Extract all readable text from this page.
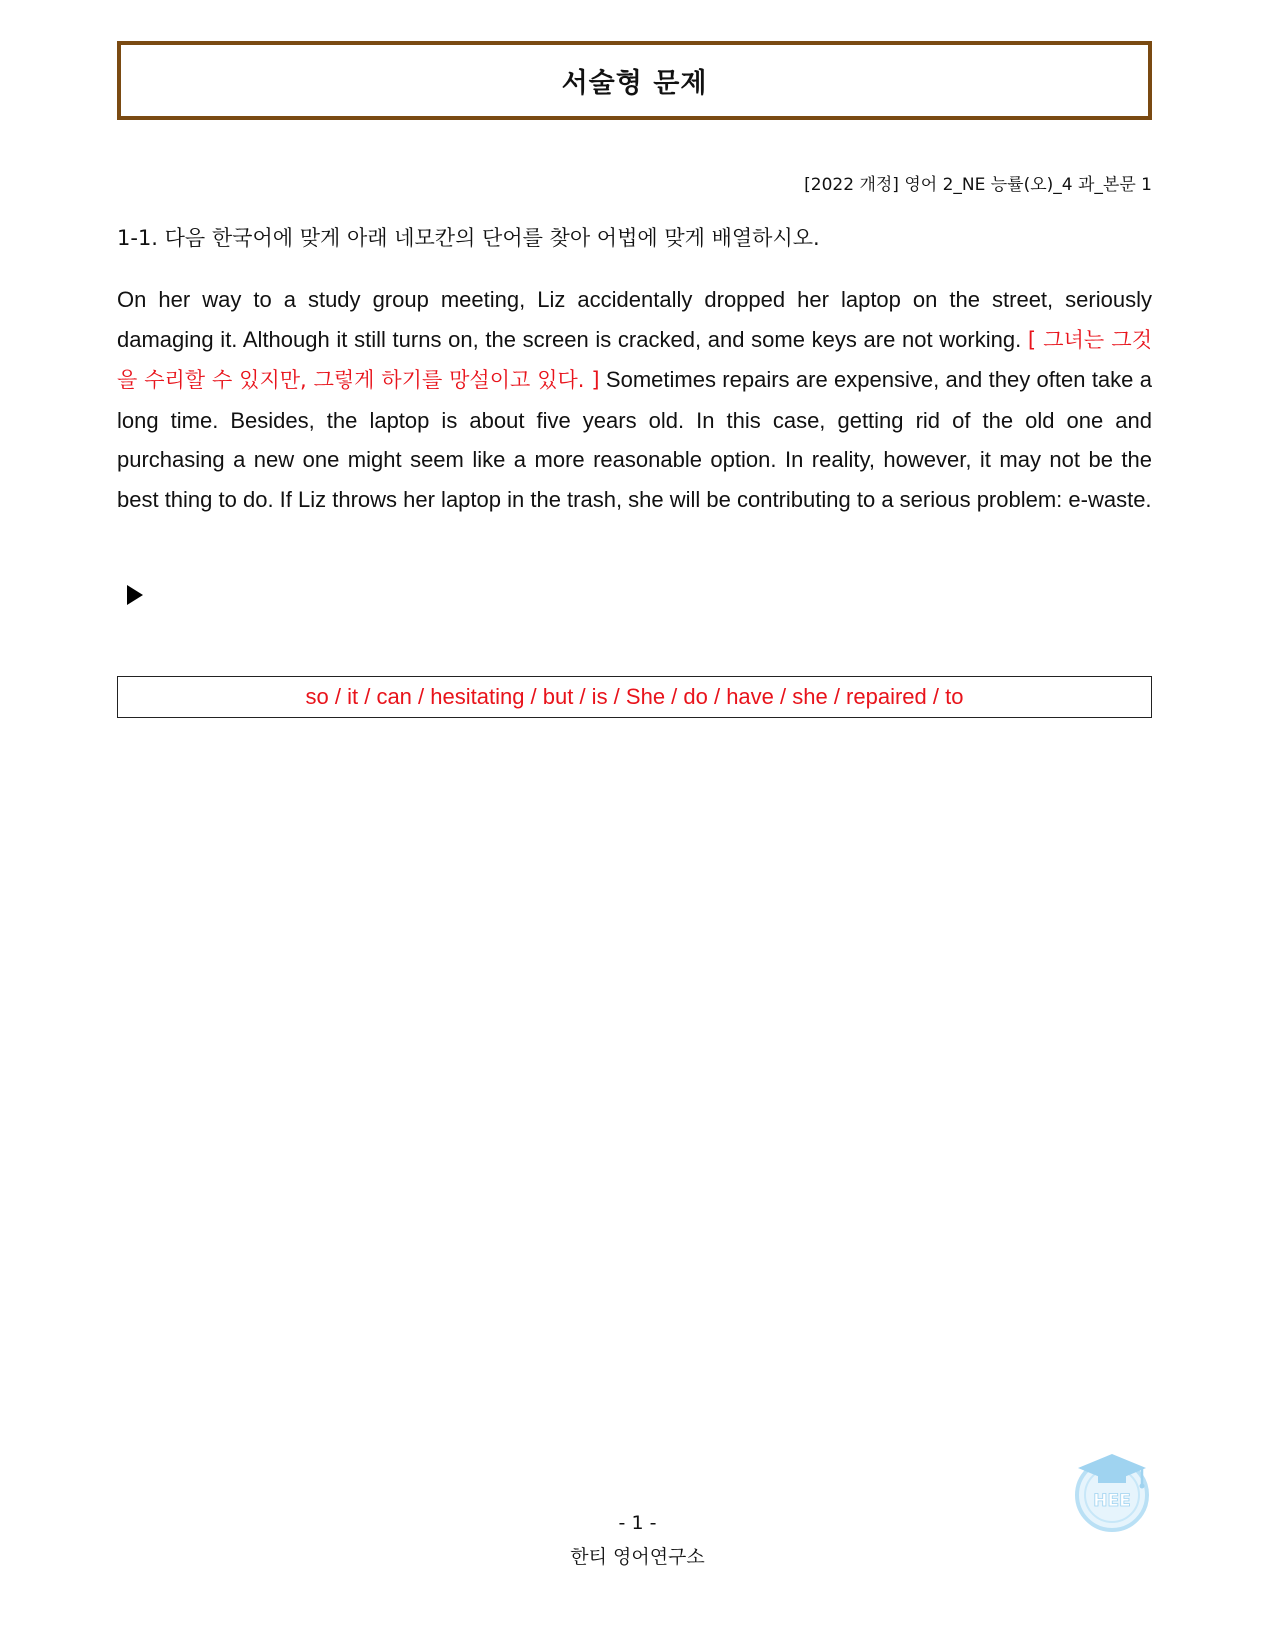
서술형 문제
[2022 개정] 영어 2_NE 능률(오)_4 과_본문 1
1-1. 다음 한국어에 맞게 아래 네모칸의 단어를 찾아 어법에 맞게 배열하시오.
On her way to a study group meeting, Liz accidentally dropped her laptop on the street, seriously damaging it. Although it still turns on, the screen is cracked, and some keys are not working. [ 그녀는 그것을 수리할 수 있지만, 그렇게 하기를 망설이고 있다. ] Sometimes repairs are expensive, and they often take a long time. Besides, the laptop is about five years old. In this case, getting rid of the old one and purchasing a new one might seem like a more reasonable option. In reality, however, it may not be the best thing to do. If Liz throws her laptop in the trash, she will be contributing to a serious problem: e-waste.
so / it / can / hesitating / but / is / She / do / have / she / repaired / to
- 1 -
한티 영어연구소
HEE
